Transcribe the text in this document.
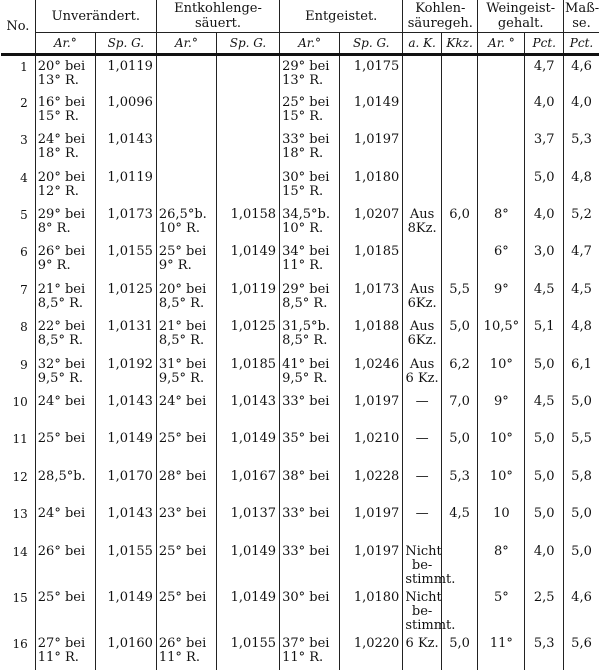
No.	Unverändert.		Entkohlenge- säuert.		Entgeistet.		Kohlen- säuregeh.		Weingeist- gehalt.		Maß- se.
	Ar.°	Sp. G.	Ar.°	Sp. G.	Ar.°	Sp. G.	a. K.	Kkz.	Ar. °	Pct.	Pct.
1	20° bei 13° R.	1,0119			29° bei 13° R.	1,0175				4,7	4,6
2	16° bei 15° R.	1,0096			25° bei 15° R.	1,0149				4,0	4,0
3	24° bei 18° R.	1,0143			33° bei 18° R.	1,0197				3,7	5,3
4	20° bei 12° R.	1,0119			30° bei 15° R.	1,0180				5,0	4,8
5	29° bei 8° R.	1,0173	26,5°b. 10° R.	1,0158	34,5°b. 10° R.	1,0207	Aus 8Kz.	6,0	8°	4,0	5,2
6	26° bei 9° R.	1,0155	25° bei 9° R.	1,0149	34° bei 11° R.	1,0185			6°	3,0	4,7
7	21° bei 8,5° R.	1,0125	20° bei 8,5° R.	1,0119	29° bei 8,5° R.	1,0173	Aus 6Kz.	5,5	9°	4,5	4,5
8	22° bei 8,5° R.	1,0131	21° bei 8,5° R.	1,0125	31,5°b. 8,5° R.	1,0188	Aus 6Kz.	5,0	10,5°	5,1	4,8
9	32° bei 9,5° R.	1,0192	31° bei 9,5° R.	1,0185	41° bei 9,5° R.	1,0246	Aus 6 Kz.	6,2	10°	5,0	6,1
10	24° bei	1,0143	24° bei	1,0143	33° bei	1,0197	—	7,0	9°	4,5	5,0
11	25° bei	1,0149	25° bei	1,0149	35° bei	1,0210	—	5,0	10°	5,0	5,5
12	28,5°b.	1,0170	28° bei	1,0167	38° bei	1,0228	—	5,3	10°	5,0	5,8
13	24° bei	1,0143	23° bei	1,0137	33° bei	1,0197	—	4,5	10	5,0	5,0
14	26° bei	1,0155	25° bei	1,0149	33° bei	1,0197	Nicht be- stimmt.		8°	4,0	5,0
15	25° bei	1,0149	25° bei	1,0149	30° bei	1,0180	Nicht be- stimmt.		5°	2,5	4,6
16	27° bei 11° R.	1,0160	26° bei 11° R.	1,0155	37° bei 11° R.	1,0220	6 Kz.	5,0	11°	5,3	5,6
